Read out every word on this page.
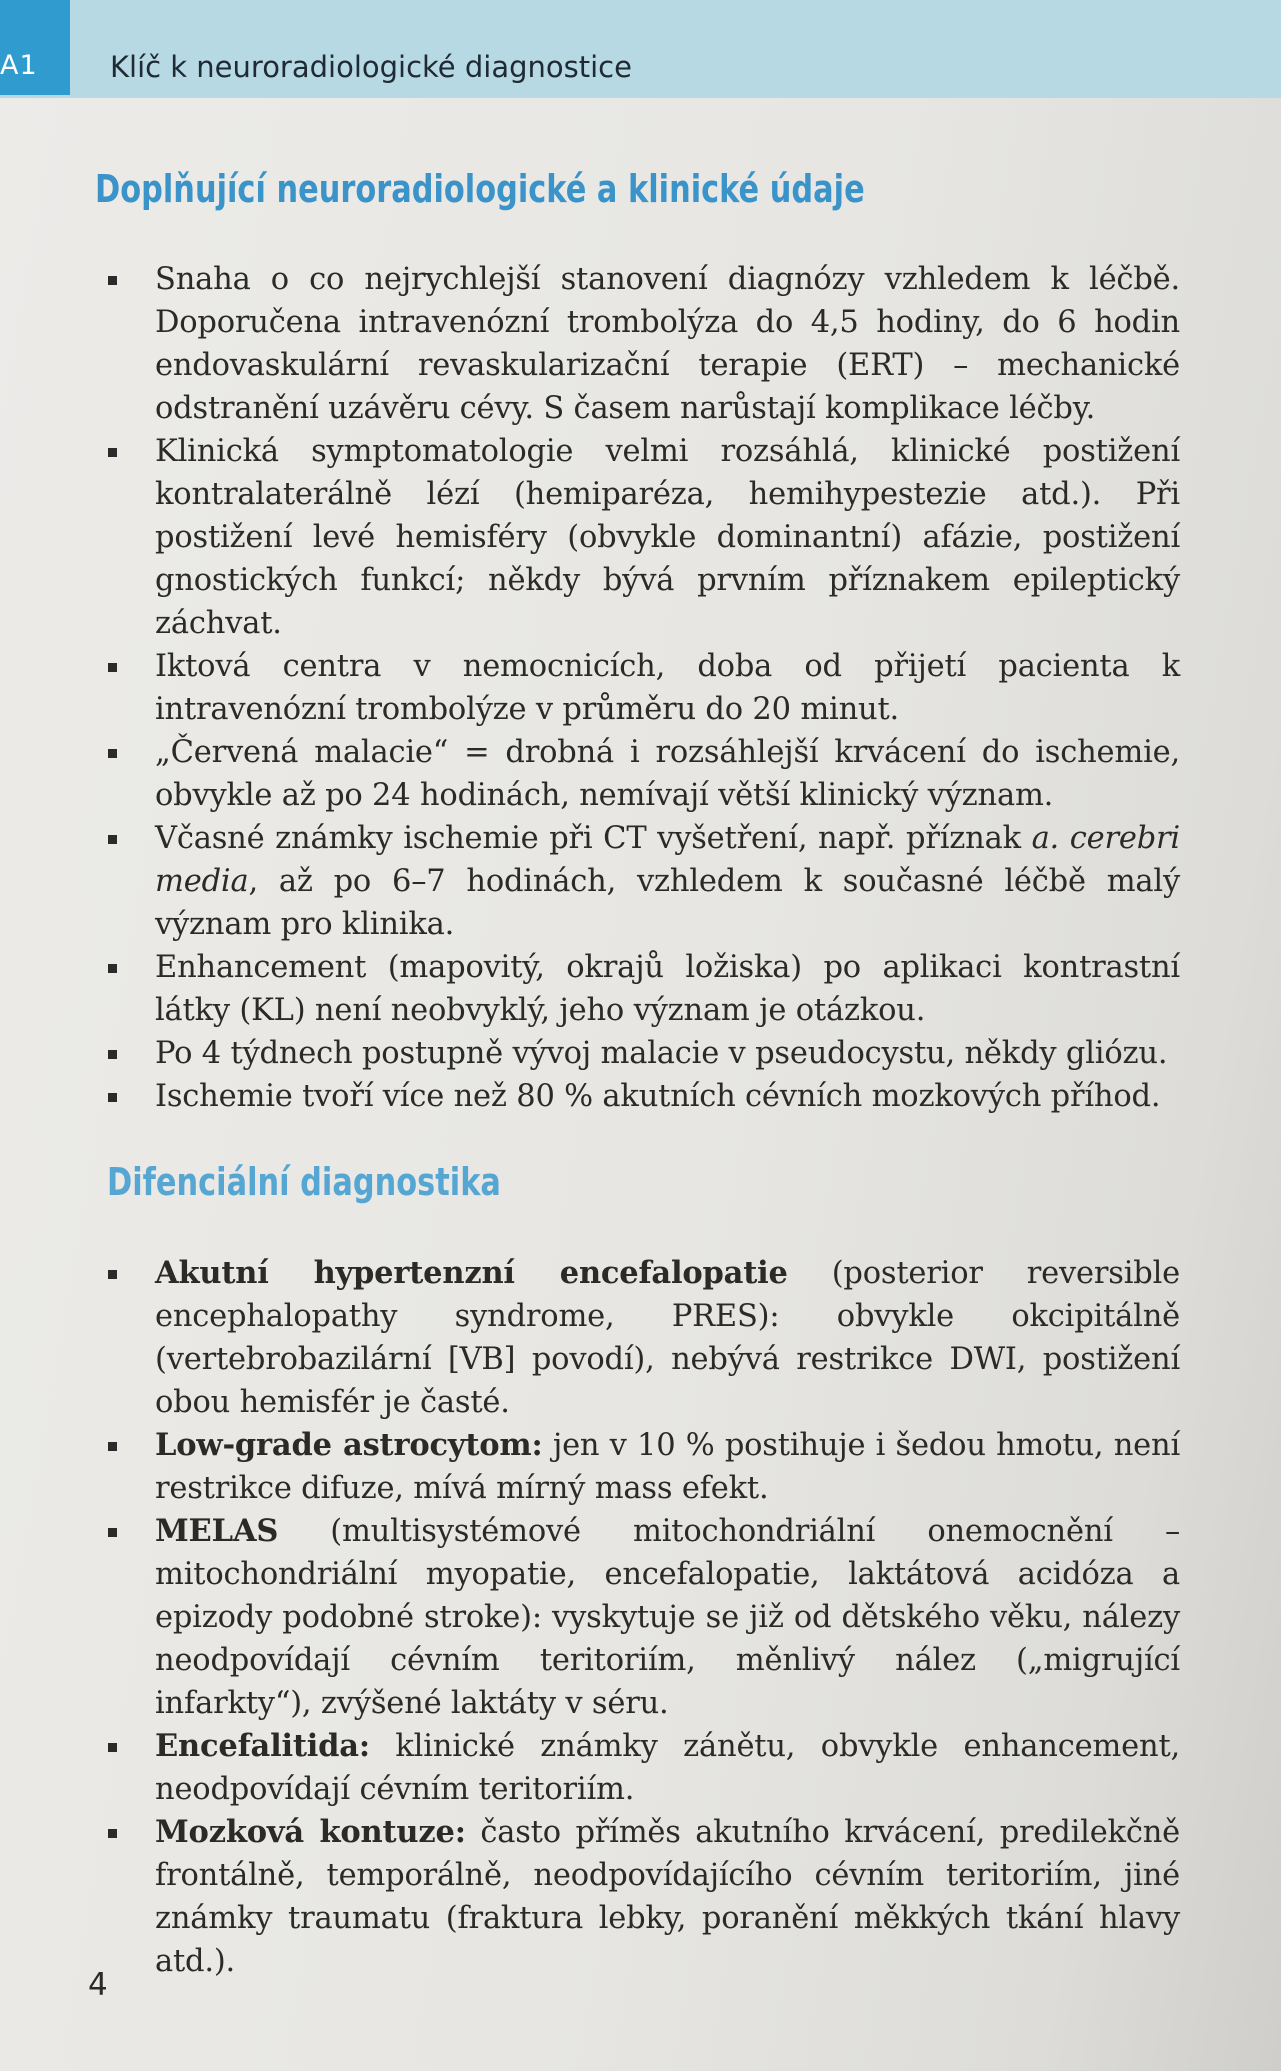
A1	Klíč k neuroradiologické diagnostice
Doplňující neuroradiologické a klinické údaje
Snaha o co nejrychlejší stanovení diagnózy vzhledem k léčbě. Doporučena intravenózní trombolýza do 4,5 hodiny, do 6 hodin endovaskulární revaskularizační terapie (ERT) – mechanické odstranění uzávěru cévy. S časem narůstají komplikace léčby.
Klinická symptomatologie velmi rozsáhlá, klinické postižení kontralaterálně lézí (hemiparéza, hemihypestezie atd.). Při postižení levé hemisféry (obvykle dominantní) afázie, postižení gnostických funkcí; někdy bývá prvním příznakem epileptický záchvat.
Iktová centra v nemocnicích, doba od přijetí pacienta k intravenózní trombolýze v průměru do 20 minut.
„Červená malacie“ = drobná i rozsáhlejší krvácení do ischemie, obvykle až po 24 hodinách, nemívají větší klinický význam.
Včasné známky ischemie při CT vyšetření, např. příznak a. cerebri media, až po 6–7 hodinách, vzhledem k současné léčbě malý význam pro klinika.
Enhancement (mapovitý, okrajů ložiska) po aplikaci kontrastní látky (KL) není neobvyklý, jeho význam je otázkou.
Po 4 týdnech postupně vývoj malacie v pseudocystu, někdy gliózu.
Ischemie tvoří více než 80 % akutních cévních mozkových příhod.
Difenciální diagnostika
Akutní hypertenzní encefalopatie (posterior reversible encephalopathy syndrome, PRES): obvykle okcipitálně (vertebrobazilární [VB] povodí), nebývá restrikce DWI, postižení obou hemisfér je časté.
Low-grade astrocytom: jen v 10 % postihuje i šedou hmotu, není restrikce difuze, mívá mírný mass efekt.
MELAS (multisystémové mitochondriální onemocnění – mitochondriální myopatie, encefalopatie, laktátová acidóza a epizody podobné stroke): vyskytuje se již od dětského věku, nálezy neodpovídají cévním teritoriím, měnlivý nález („migrující infarkty“), zvýšené laktáty v séru.
Encefalitida: klinické známky zánětu, obvykle enhancement, neodpovídají cévním teritoriím.
Mozková kontuze: často příměs akutního krvácení, predilekčně frontálně, temporálně, neodpovídajícího cévním teritoriím, jiné známky traumatu (fraktura lebky, poranění měkkých tkání hlavy atd.).
4
